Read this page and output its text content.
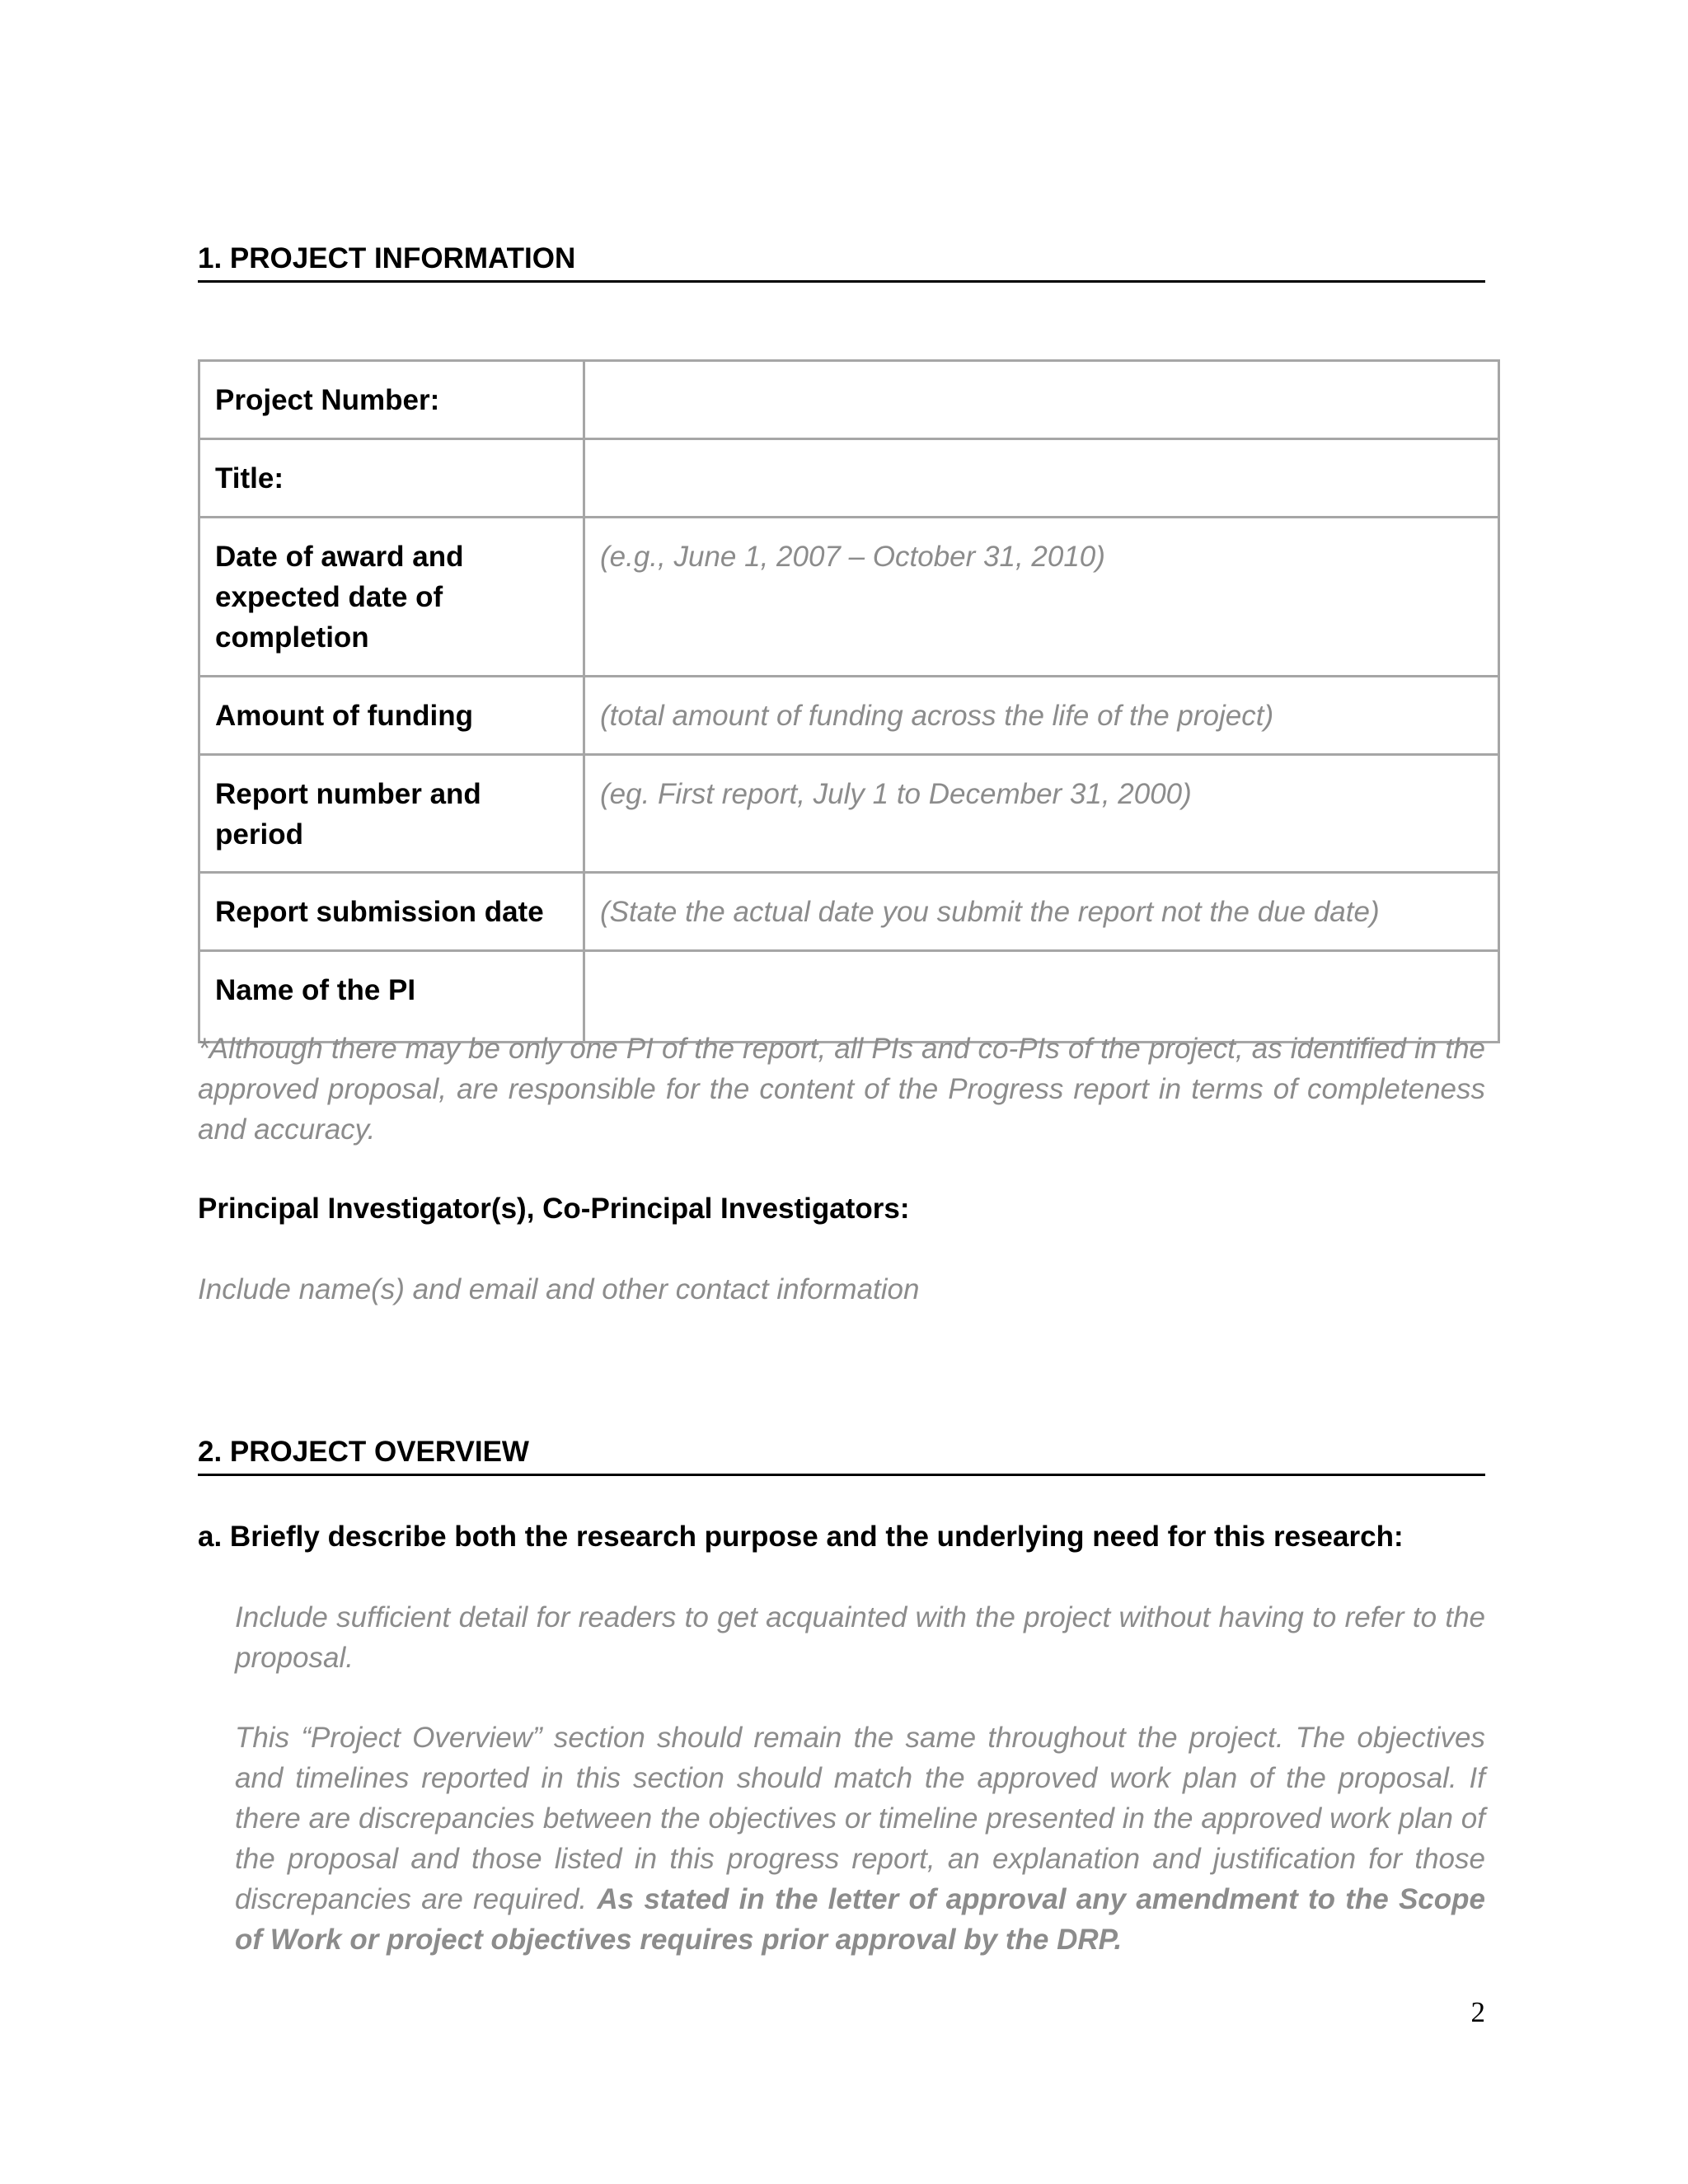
1. PROJECT INFORMATION
Project Number:	
Title:	
Date of award and expected date of completion	(e.g., June 1, 2007 – October 31, 2010)
Amount of funding	(total amount of funding across the life of the project)
Report number and period	(eg. First report, July 1 to December 31, 2000)
Report submission date	(State the actual date you submit the report not the due date)
Name of the PI	
*Although there may be only one PI of the report, all PIs and co-PIs of the project, as identified in the approved proposal, are responsible for the content of the Progress report in terms of completeness and accuracy.
Principal Investigator(s), Co-Principal Investigators:
Include name(s) and email and other contact information
2. PROJECT OVERVIEW
a. Briefly describe both the research purpose and the underlying need for this research:
Include sufficient detail for readers to get acquainted with the project without having to refer to the proposal.
This “Project Overview” section should remain the same throughout the project. The objectives and timelines reported in this section should match the approved work plan of the proposal. If there are discrepancies between the objectives or timeline presented in the approved work plan of the proposal and those listed in this progress report, an explanation and justification for those discrepancies are required. As stated in the letter of approval any amendment to the Scope of Work or project objectives requires prior approval by the DRP.
2
